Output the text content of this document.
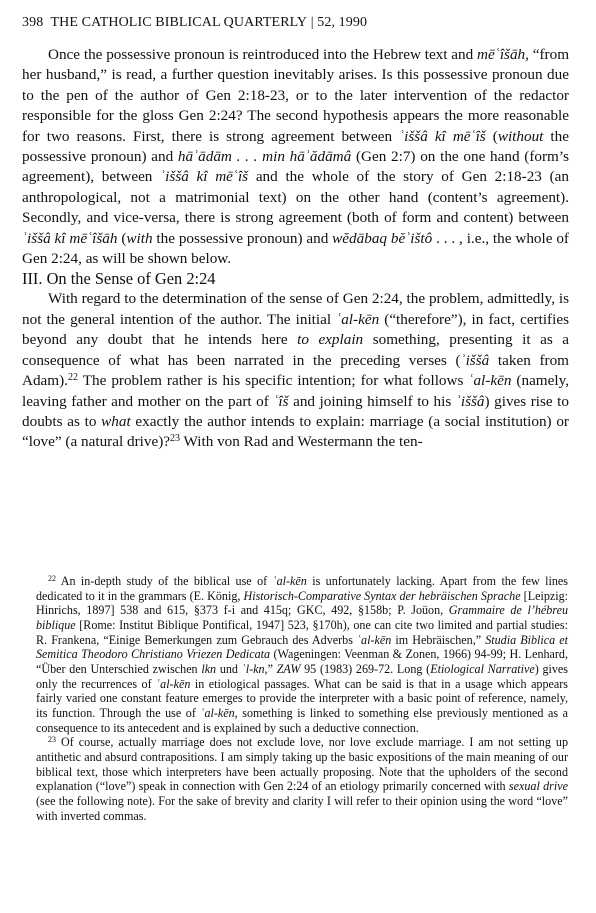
398 THE CATHOLIC BIBLICAL QUARTERLY | 52, 1990

Once the possessive pronoun is reintroduced into the Hebrew text and mēʿîšāh, “from her husband,” is read, a further question inevitably arises. Is this possessive pronoun due to the pen of the author of Gen 2:18-23, or to the later intervention of the redactor responsible for the gloss Gen 2:24? The second hypothesis appears the more reasonable for two reasons. First, there is strong agreement between ʾiššâ kî mēʿîš (without the possessive pronoun) and hāʾādām . . . min hāʾădāmâ (Gen 2:7) on the one hand (form’s agreement), between ʾiššâ kî mēʿîš and the whole of the story of Gen 2:18-23 (an anthropological, not a matrimonial text) on the other hand (content’s agreement). Secondly, and vice-versa, there is strong agreement (both of form and content) between ʾiššâ kî mēʿîšāh (with the possessive pronoun) and wĕdābaq bĕʾištô . . . , i.e., the whole of Gen 2:24, as will be shown below.

III. On the Sense of Gen 2:24

With regard to the determination of the sense of Gen 2:24, the problem, admittedly, is not the general intention of the author. The initial ʿal-kēn (“therefore”), in fact, certifies beyond any doubt that he intends here to explain something, presenting it as a consequence of what has been narrated in the preceding verses (ʾiššâ taken from Adam).$^{22}$ The problem rather is his specific intention; for what follows ʿal-kēn (namely, leaving father and mother on the part of ʿîš and joining himself to his ʾiššâ) gives rise to doubts as to what exactly the author intends to explain: marriage (a social institution) or “love” (a natural drive)?$^{23}$ With von Rad and Westermann the ten-

$^{22}$ An in-depth study of the biblical use of ʿal-kēn is unfortunately lacking. Apart from the few lines dedicated to it in the grammars (E. König, Historisch-Comparative Syntax der hebräischen Sprache [Leipzig: Hinrichs, 1897] 538 and 615, §373 f-i and 415q; GKC, 492, §158b; P. Joüon, Grammaire de l’hébreu biblique [Rome: Institut Biblique Pontifical, 1947] 523, §170h), one can cite two limited and partial studies: R. Frankena, “Einige Bemerkungen zum Gebrauch des Adverbs ʿal-kēn im Hebräischen,” Studia Biblica et Semitica Theodoro Christiano Vriezen Dedicata (Wageningen: Veenman & Zonen, 1966) 94-99; H. Lenhard, “Über den Unterschied zwischen lkn und ʿl-kn,” ZAW 95 (1983) 269-72. Long (Etiological Narrative) gives only the recurrences of ʿal-kēn in etiological passages. What can be said is that in a usage which appears fairly varied one constant feature emerges to provide the interpreter with a basic point of reference, namely, its function. Through the use of ʿal-kēn, something is linked to something else previously mentioned as a consequence to its antecedent and is explained by such a deductive connection.

$^{23}$ Of course, actually marriage does not exclude love, nor love exclude marriage. I am not setting up antithetic and absurd contrapositions. I am simply taking up the basic expositions of the main meaning of our biblical text, those which interpreters have been actually proposing. Note that the upholders of the second explanation (“love”) speak in connection with Gen 2:24 of an etiology primarily concerned with sexual drive (see the following note). For the sake of brevity and clarity I will refer to their opinion using the word “love” with inverted commas.
